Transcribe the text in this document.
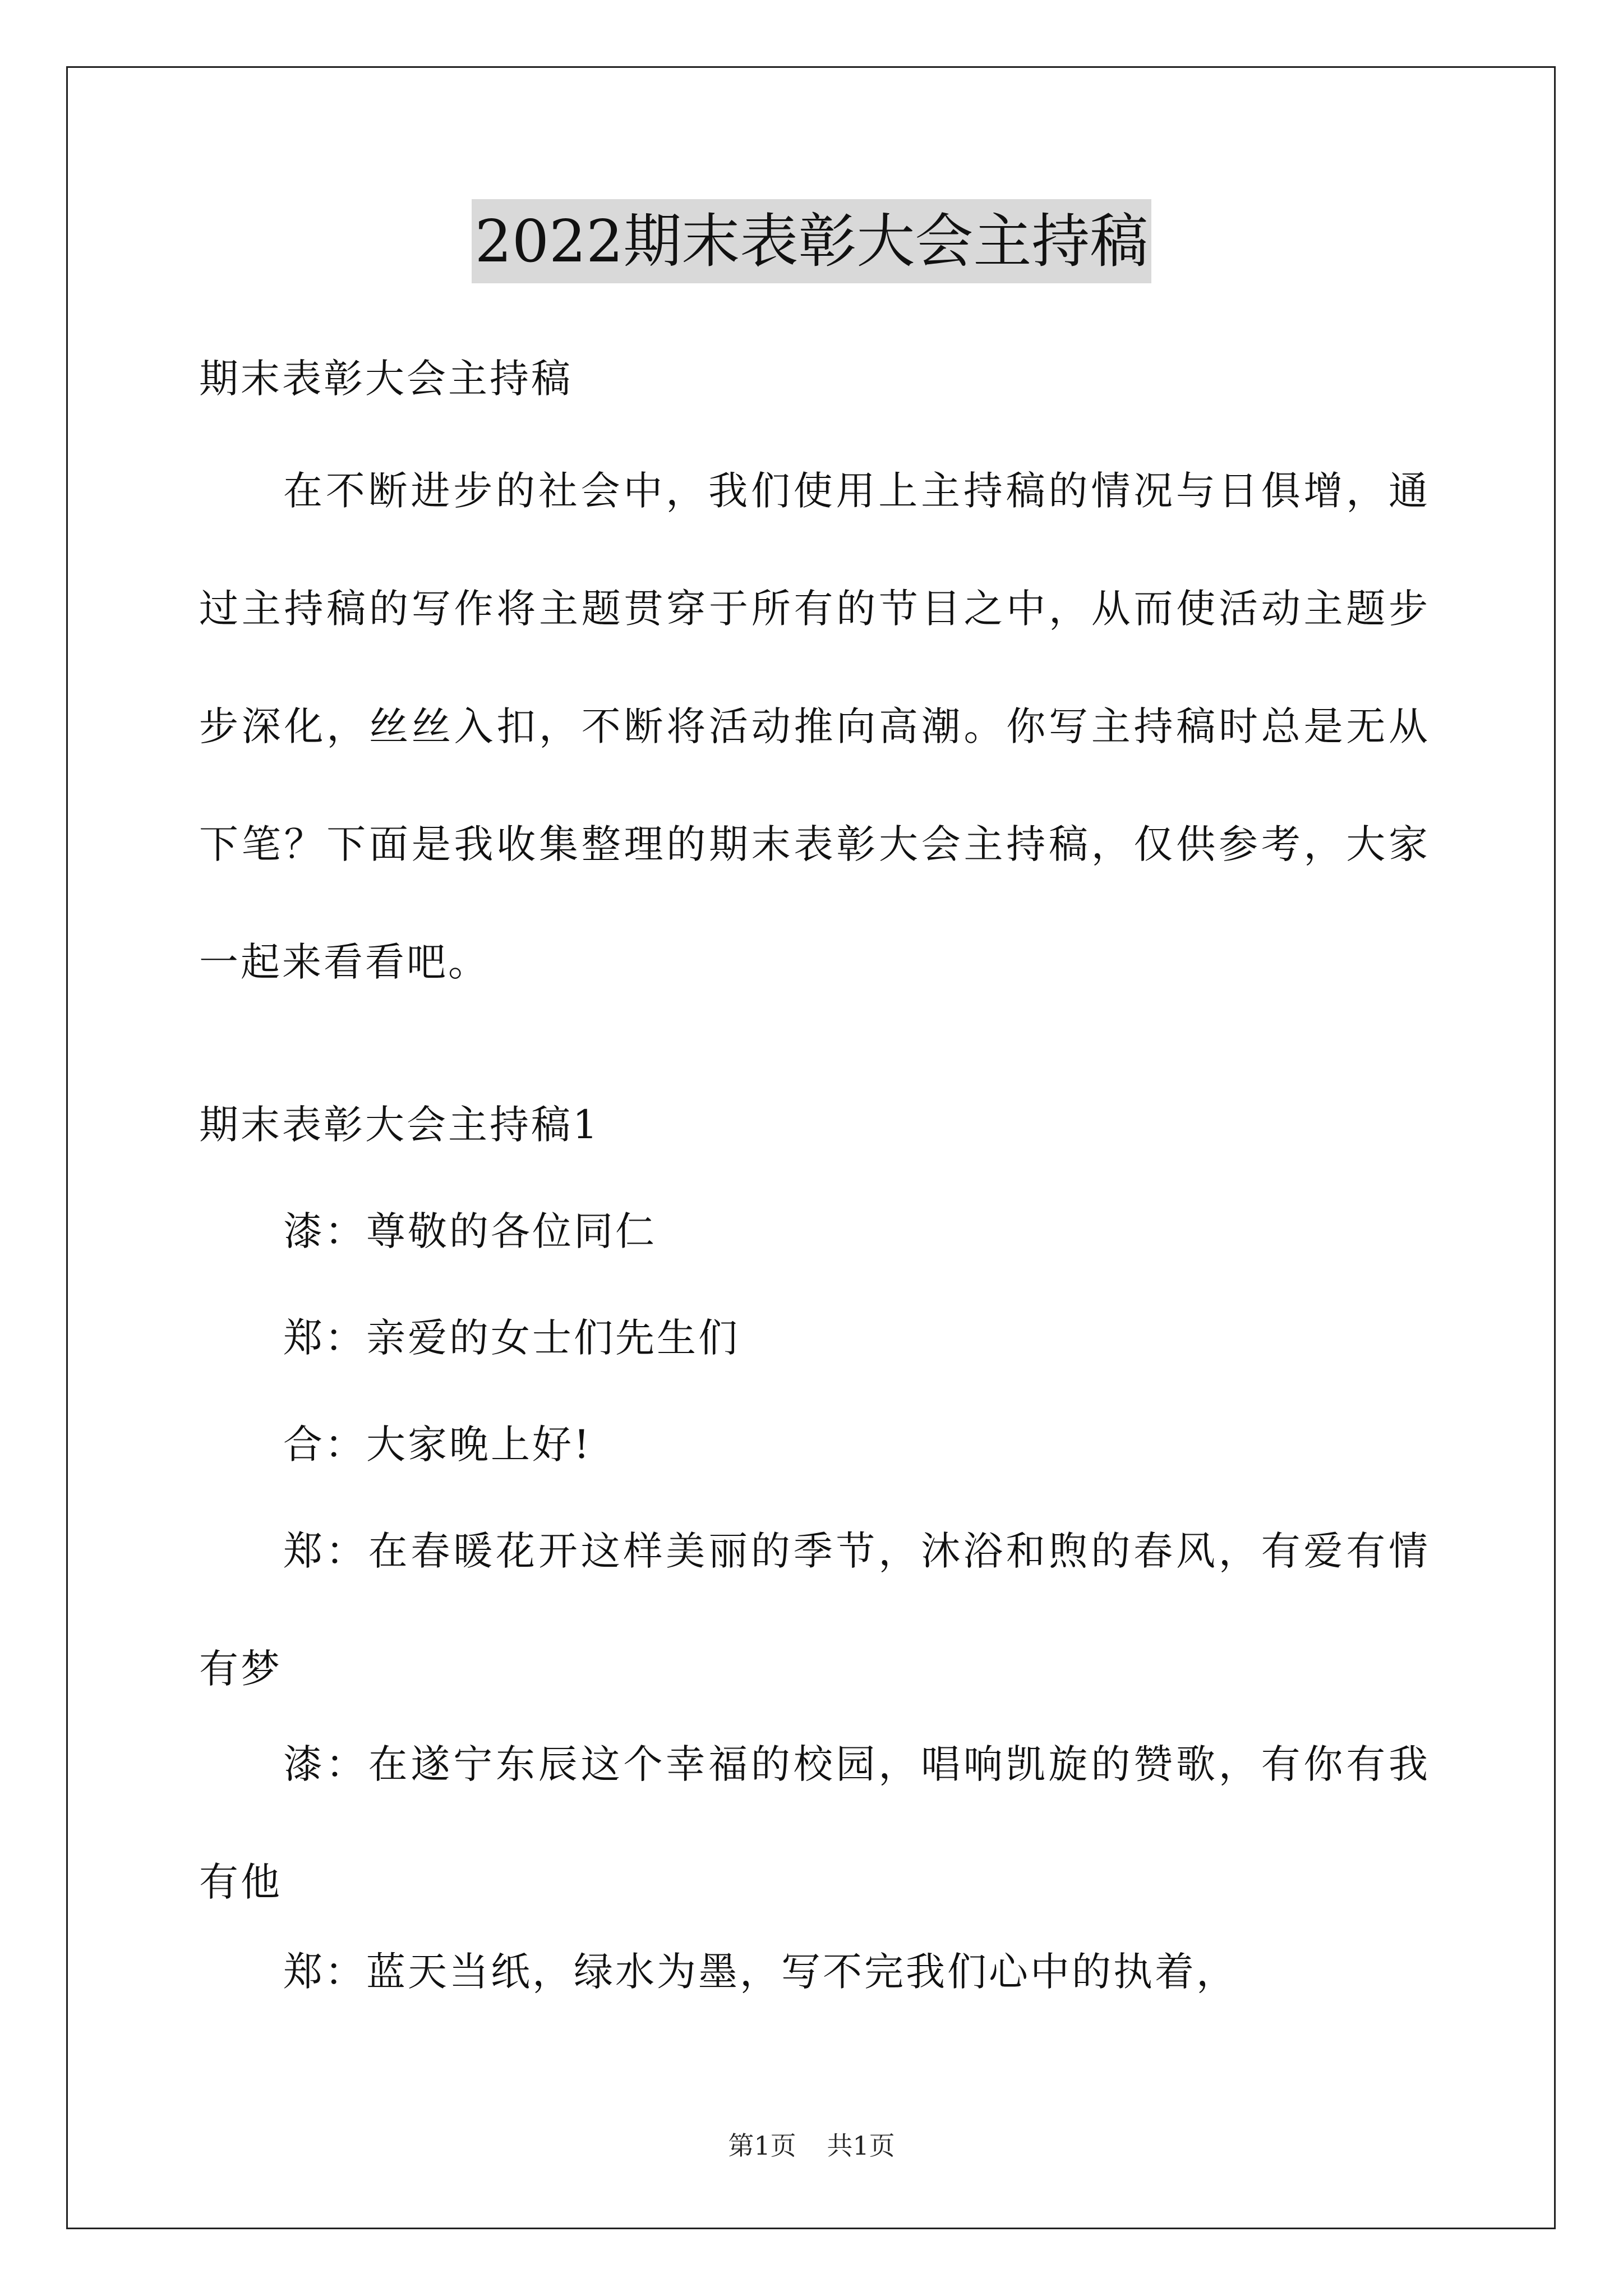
2022期末表彰大会主持稿

期末表彰大会主持稿

在不断进步的社会中，我们使用上主持稿的情况与日俱增，通过主持稿的写作将主题贯穿于所有的节目之中，从而使活动主题步步深化，丝丝入扣，不断将活动推向高潮。你写主持稿时总是无从下笔？下面是我收集整理的期末表彰大会主持稿，仅供参考，大家一起来看看吧。

期末表彰大会主持稿1

漆：尊敬的各位同仁

郑：亲爱的女士们先生们

合：大家晚上好!

郑：在春暖花开这样美丽的季节，沐浴和煦的春风，有爱有情有梦

漆：在遂宁东辰这个幸福的校园，唱响凯旋的赞歌，有你有我有他

郑：蓝天当纸，绿水为墨，写不完我们心中的执着，

第1页 共1页
